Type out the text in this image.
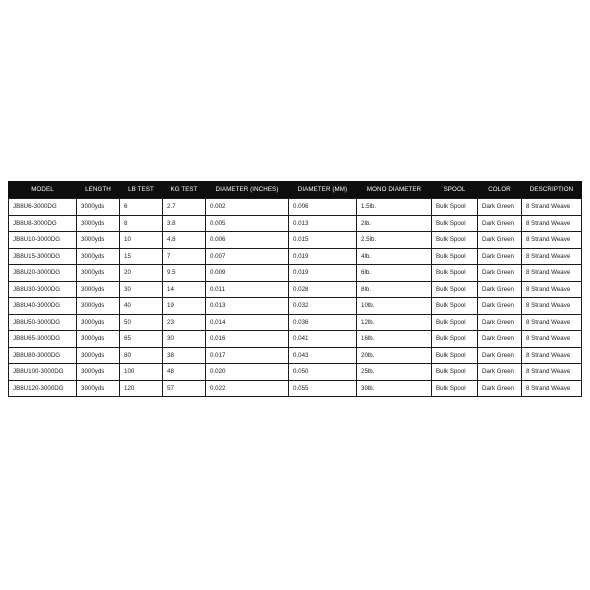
MODEL	LENGTH	LB TEST	KG TEST	DIAMETER (INCHES)	DIAMETER (MM)	MONO DIAMETER	SPOOL	COLOR	DESCRIPTION
JB8U6-3000DG	3000yds	6	2.7	0.002	0.006	1.5lb.	Bulk Spool	Dark Green	8 Strand Weave
JB8U8-3000DG	3000yds	8	3.8	0.005	0.013	2lb.	Bulk Spool	Dark Green	8 Strand Weave
JB8U10-3000DG	3000yds	10	4.8	0.006	0.015	2.5lb.	Bulk Spool	Dark Green	8 Strand Weave
JB8U15-3000DG	3000yds	15	7	0.007	0.019	4lb.	Bulk Spool	Dark Green	8 Strand Weave
JB8U20-3000DG	3000yds	20	9.5	0.009	0.019	6lb.	Bulk Spool	Dark Green	8 Strand Weave
JB8U30-3000DG	3000yds	30	14	0.011	0.028	8lb.	Bulk Spool	Dark Green	8 Strand Weave
JB8U40-3000DG	3000yds	40	19	0.013	0.032	10lb.	Bulk Spool	Dark Green	8 Strand Weave
JB8U50-3000DG	3000yds	50	23	0.014	0.036	12lb.	Bulk Spool	Dark Green	8 Strand Weave
JB8U65-3000DG	3000yds	65	30	0.016	0.041	16lb.	Bulk Spool	Dark Green	8 Strand Weave
JB8U80-3000DG	3000yds	80	38	0.017	0.043	20lb.	Bulk Spool	Dark Green	8 Strand Weave
JB8U100-3000DG	3000yds	100	48	0.020	0.050	25lb.	Bulk Spool	Dark Green	8 Strand Weave
JB8U120-3000DG	3000yds	120	57	0.022	0.055	30lb.	Bulk Spool	Dark Green	8 Strand Weave
